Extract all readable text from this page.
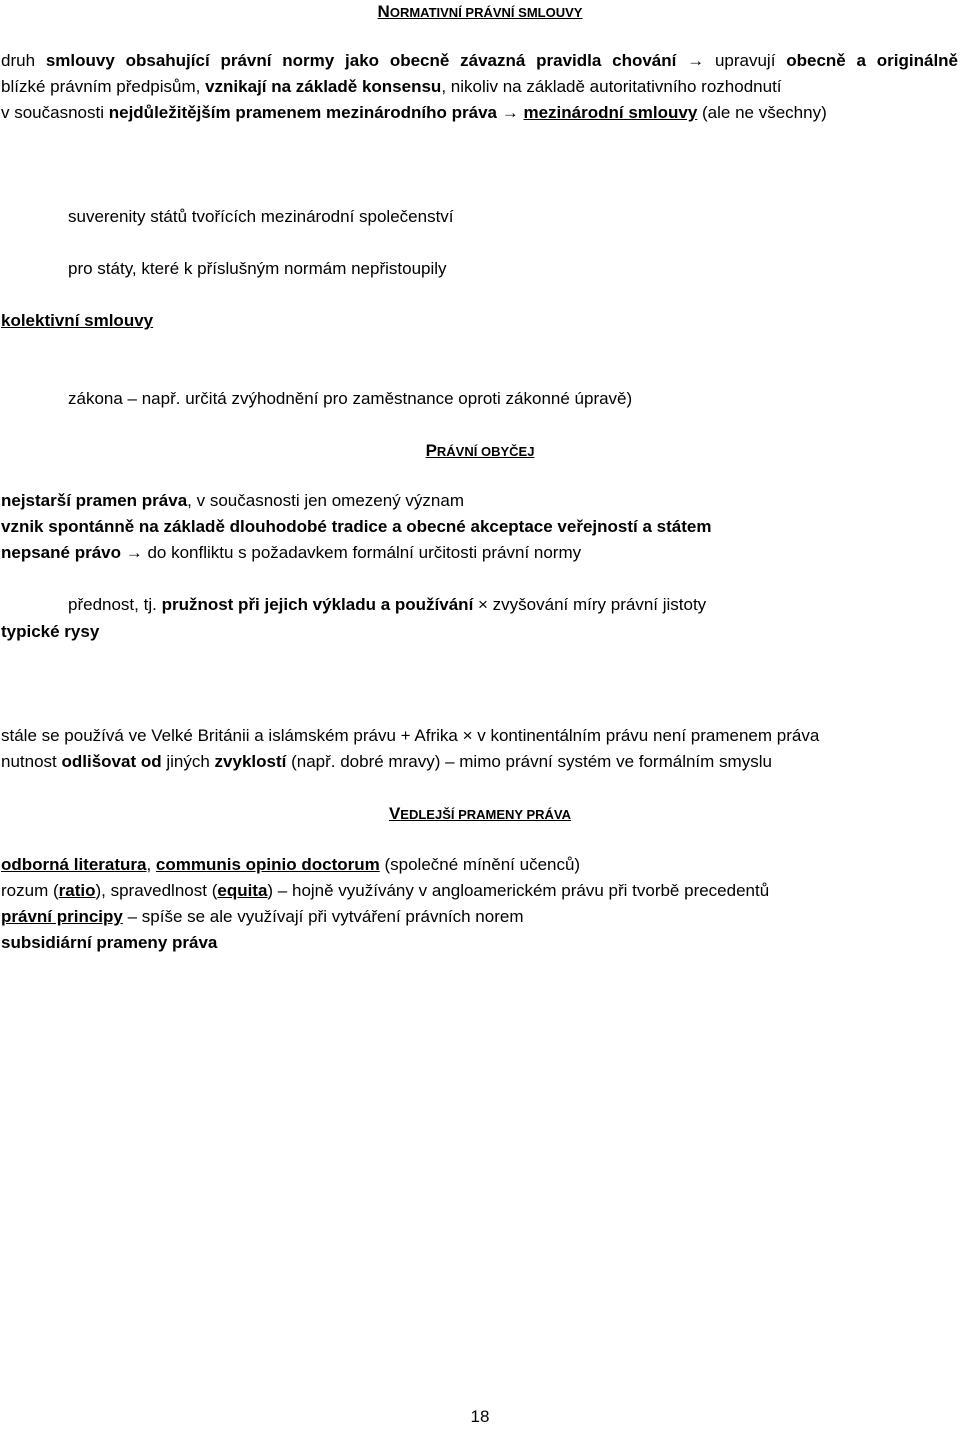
NORMATIVNÍ PRÁVNÍ SMLOUVY
druh smlouvy obsahující právní normy jako obecně závazná pravidla chování → upravují obecně a originálně
blízké právním předpisům, vznikají na základě konsensu, nikoliv na základě autoritativního rozhodnutí
v současnosti nejdůležitějším pramenem mezinárodního práva → mezinárodní smlouvy (ale ne všechny)
suverenity států tvořících mezinárodní společenství
pro státy, které k příslušným normám nepřistoupily
kolektivní smlouvy
zákona – např. určitá zvýhodnění pro zaměstnance oproti zákonné úpravě)
PRÁVNÍ OBYČEJ
nejstarší pramen práva, v současnosti jen omezený význam
vznik spontánně na základě dlouhodobé tradice a obecné akceptace veřejností a státem
nepsané právo → do konfliktu s požadavkem formální určitosti právní normy
přednost, tj. pružnost při jejich výkladu a používání × zvyšování míry právní jistoty
typické rysy
stále se používá ve Velké Británii a islámském právu + Afrika × v kontinentálním právu není pramenem práva
nutnost odlišovat od jiných zvyklostí (např. dobré mravy) – mimo právní systém ve formálním smyslu
VEDLEJŠÍ PRAMENY PRÁVA
odborná literatura, communis opinio doctorum (společné mínění učenců)
rozum (ratio), spravedlnost (equita) – hojně využívány v angloamerickém právu při tvorbě precedentů
právní principy – spíše se ale využívají při vytváření právních norem
subsidiární prameny práva
18
